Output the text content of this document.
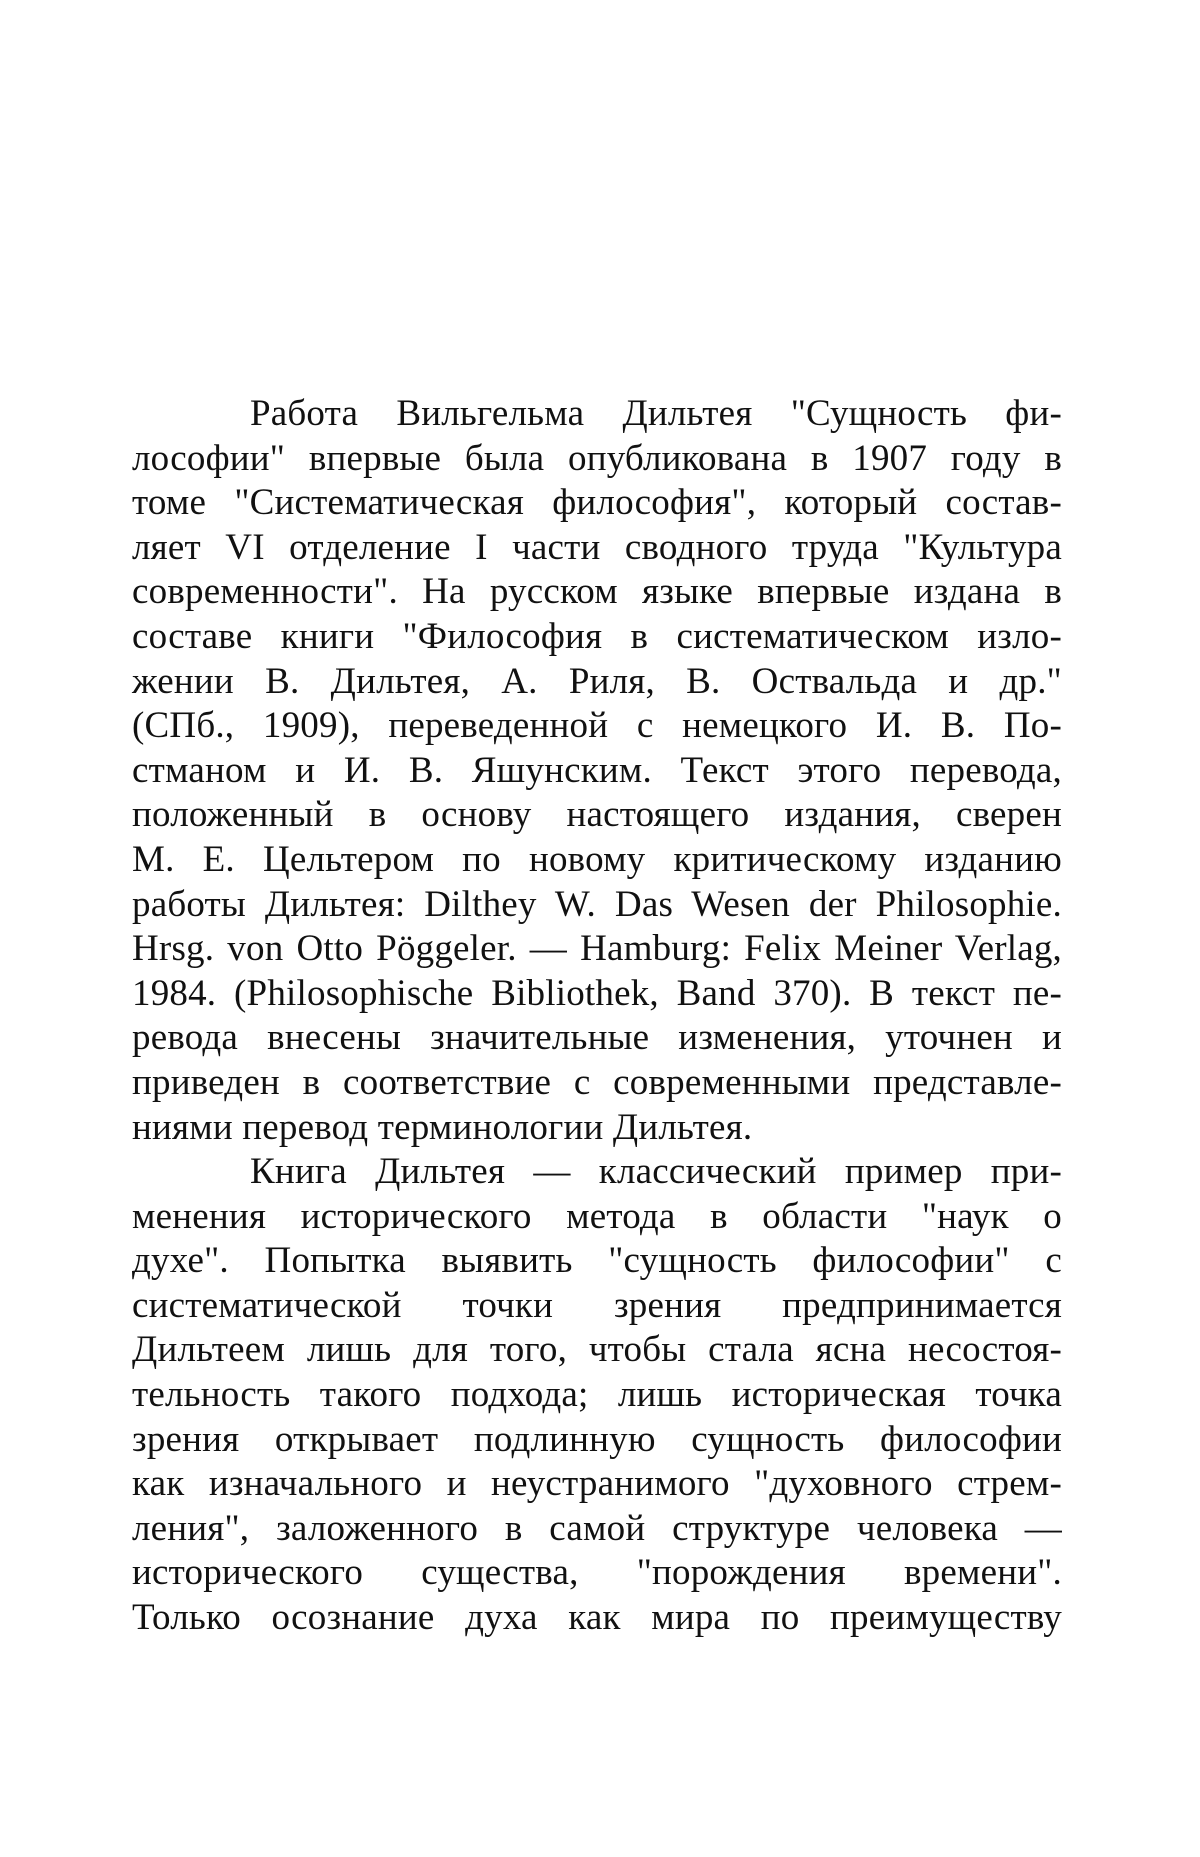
Работа Вильгельма Дильтея "Сущность фи-
лософии" впервые была опубликована в 1907 году в
томе "Систематическая философия", который состав-
ляет VI отделение I части сводного труда "Культура
современности". На русском языке впервые издана в
составе книги "Философия в систематическом изло-
жении В. Дильтея, А. Риля, В. Оствальда и др."
(СПб., 1909), переведенной с немецкого И. В. По-
стманом и И. В. Яшунским. Текст этого перевода,
положенный в основу настоящего издания, сверен
М. Е. Цельтером по новому критическому изданию
работы Дильтея: Dilthey W. Das Wesen der Philosophie.
Hrsg. von Otto Pöggeler. — Hamburg: Felix Meiner Verlag,
1984. (Philosophische Bibliothek, Band 370). В текст пе-
ревода внесены значительные изменения, уточнен и
приведен в соответствие с современными представле-
ниями перевод терминологии Дильтея.
Книга Дильтея — классический пример при-
менения исторического метода в области "наук о
духе". Попытка выявить "сущность философии" с
систематической точки зрения предпринимается
Дильтеем лишь для того, чтобы стала ясна несостоя-
тельность такого подхода; лишь историческая точка
зрения открывает подлинную сущность философии
как изначального и неустранимого "духовного стрем-
ления", заложенного в самой структуре человека —
исторического существа, "порождения времени".
Только осознание духа как мира по преимуществу
